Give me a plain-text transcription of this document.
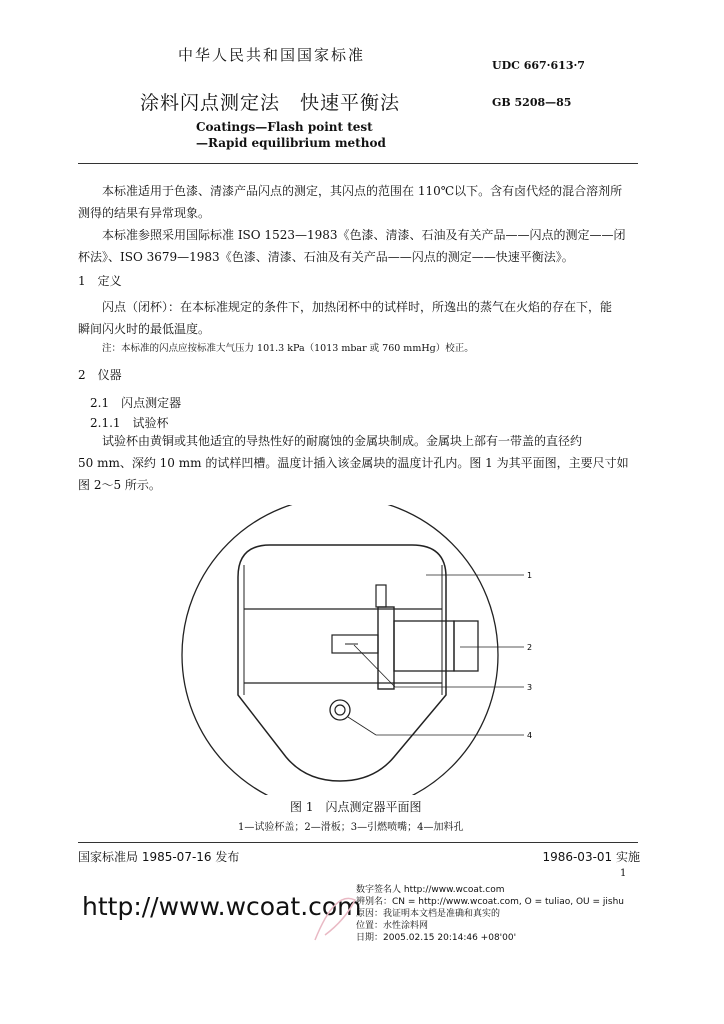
中华人民共和国国家标准
UDC 667·613·7
涂料闪点测定法　快速平衡法	GB 5208—85
Coatings—Flash point test
—Rapid equilibrium method
本标准适用于色漆、清漆产品闪点的测定，其闪点的范围在 110℃以下。含有卤代烃的混合溶剂所
测得的结果有异常现象。
本标准参照采用国际标准 ISO 1523—1983《色漆、清漆、石油及有关产品——闪点的测定——闭
杯法》、ISO 3679—1983《色漆、清漆、石油及有关产品——闪点的测定——快速平衡法》。
1　定义
闪点（闭杯）：在本标准规定的条件下，加热闭杯中的试样时，所逸出的蒸气在火焰的存在下，能
瞬间闪火时的最低温度。
注：本标准的闪点应按标准大气压力 101.3 kPa（1013 mbar 或 760 mmHg）校正。
2　仪器
2.1　闪点测定器
2.1.1　试验杯
试验杯由黄铜或其他适宜的导热性好的耐腐蚀的金属块制成。金属块上部有一带盖的直径约
50 mm、深约 10 mm 的试样凹槽。温度计插入该金属块的温度计孔内。图 1 为其平面图，主要尺寸如
图 2～5 所示。
1
2
3
4
图 1　闪点测定器平面图
1—试验杯盖；2—滑板；3—引燃喷嘴；4—加料孔
国家标准局 1985-07-16 发布	1986-03-01 实施
1
http://www.wcoat.com
数字签名人 http://www.wcoat.com
辨别名：CN = http://www.wcoat.com, O = tuliao, OU = jishu
原因：我证明本文档是准确和真实的
位置：水性涂料网
日期：2005.02.15 20:14:46 +08'00'
